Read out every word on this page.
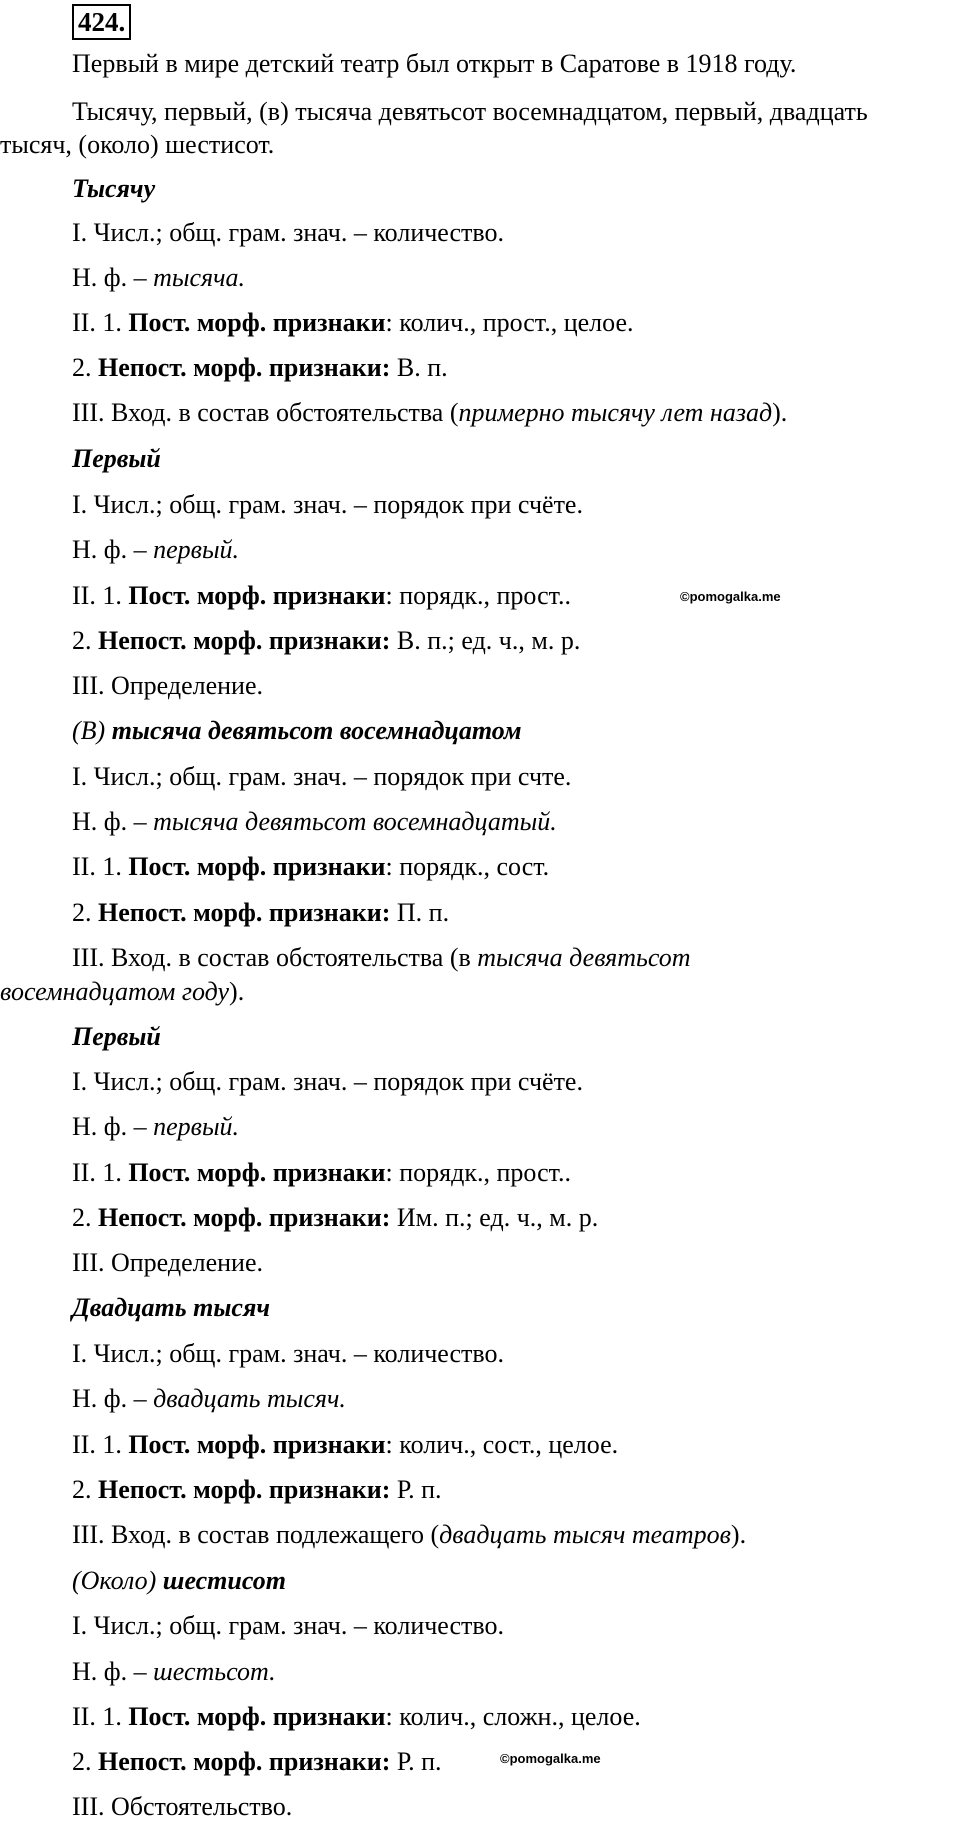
424.
Первый в мире детский театр был открыт в Саратове в 1918 году.
Тысячу, первый, (в) тысяча девятьсот восемнадцатом, первый, двадцать
тысяч, (около) шестисот.
Тысячу
I. Числ.; общ. грам. знач. – количество.
Н. ф. – тысяча.
II. 1. Пост. морф. признаки: колич., прост., целое.
2. Непост. морф. признаки: В. п.
III. Вход. в состав обстоятельства (примерно тысячу лет назад).
Первый
I. Числ.; общ. грам. знач. – порядок при счёте.
Н. ф. – первый.
II. 1. Пост. морф. признаки: порядк., прост..
2. Непост. морф. признаки: В. п.; ед. ч., м. р.
III. Определение.
(В) тысяча девятьсот восемнадцатом
I. Числ.; общ. грам. знач. – порядок при счте.
Н. ф. – тысяча девятьсот восемнадцатый.
II. 1. Пост. морф. признаки: порядк., сост.
2. Непост. морф. признаки: П. п.
III. Вход. в состав обстоятельства (в тысяча девятьсот
восемнадцатом году).
Первый
I. Числ.; общ. грам. знач. – порядок при счёте.
Н. ф. – первый.
II. 1. Пост. морф. признаки: порядк., прост..
2. Непост. морф. признаки: Им. п.; ед. ч., м. р.
III. Определение.
Двадцать тысяч
I. Числ.; общ. грам. знач. – количество.
Н. ф. – двадцать тысяч.
II. 1. Пост. морф. признаки: колич., сост., целое.
2. Непост. морф. признаки: Р. п.
III. Вход. в состав подлежащего (двадцать тысяч театров).
(Около) шестисот
I. Числ.; общ. грам. знач. – количество.
Н. ф. – шестьсот.
II. 1. Пост. морф. признаки: колич., сложн., целое.
2. Непост. морф. признаки: Р. п.
III. Обстоятельство.
©pomogalka.me
©pomogalka.me
